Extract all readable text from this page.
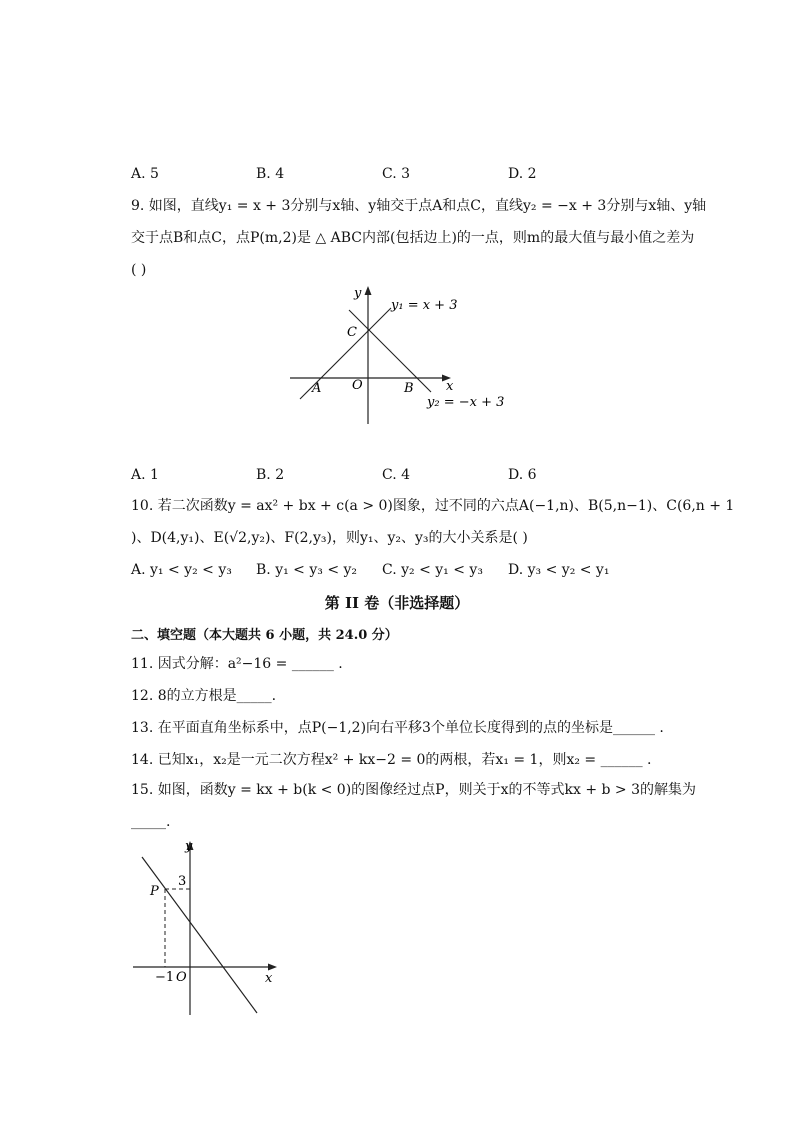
A. 5	B. 4	C. 3	D. 2
9. 如图，直线y₁ = x + 3分别与x轴、y轴交于点A和点C，直线y₂ = −x + 3分别与x轴、y轴
交于点B和点C，点P(m,2)是 △ ABC内部(包括边上)的一点，则m的最大值与最小值之差为
( )
y
x
C
A O	B
y₁ = x + 3
y₂ = −x + 3
A. 1	B. 2	C. 4	D. 6
10. 若二次函数y = ax² + bx + c(a > 0)图象，过不同的六点A(−1,n)、B(5,n−1)、C(6,n + 1
)、D(4,y₁)、E(√2,y₂)、F(2,y₃)，则y₁、y₂、y₃的大小关系是( )
A. y₁ < y₂ < y₃ B. y₁ < y₃ < y₂ C. y₂ < y₁ < y₃ D. y₃ < y₂ < y₁
第 II 卷（非选择题）
二、填空题（本大题共 6 小题，共 24.0 分）
11. 因式分解：a²−16 = ______ .
12. 8的立方根是_____.
13. 在平面直角坐标系中，点P(−1,2)向右平移3个单位长度得到的点的坐标是______ .
14. 已知x₁，x₂是一元二次方程x² + kx−2 = 0的两根，若x₁ = 1，则x₂ = ______ .
15. 如图，函数y = kx + b(k < 0)的图像经过点P，则关于x的不等式kx + b > 3的解集为
_____.
y
x
3
P
−1 O
